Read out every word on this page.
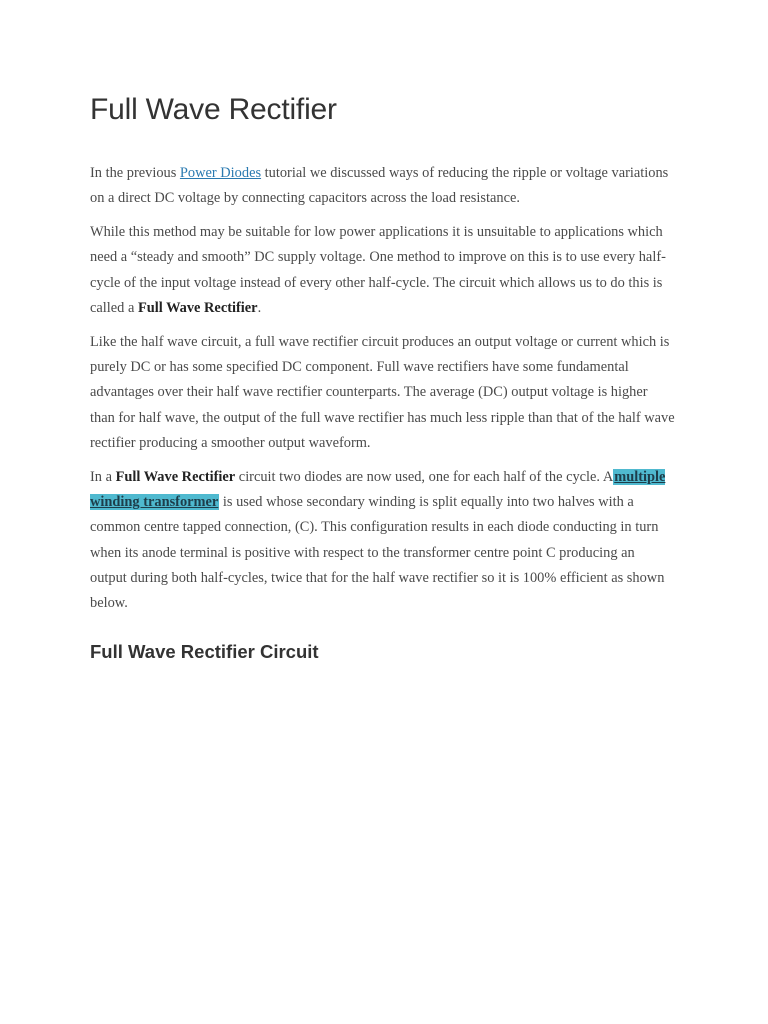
Full Wave Rectifier

In the previous Power Diodes tutorial we discussed ways of reducing the ripple or voltage variations on a direct DC voltage by connecting capacitors across the load resistance.

While this method may be suitable for low power applications it is unsuitable to applications which need a “steady and smooth” DC supply voltage. One method to improve on this is to use every half-cycle of the input voltage instead of every other half-cycle. The circuit which allows us to do this is called a Full Wave Rectifier.

Like the half wave circuit, a full wave rectifier circuit produces an output voltage or current which is purely DC or has some specified DC component. Full wave rectifiers have some fundamental advantages over their half wave rectifier counterparts. The average (DC) output voltage is higher than for half wave, the output of the full wave rectifier has much less ripple than that of the half wave rectifier producing a smoother output waveform.

In a Full Wave Rectifier circuit two diodes are now used, one for each half of the cycle. Amultiple winding transformer is used whose secondary winding is split equally into two halves with a common centre tapped connection, (C). This configuration results in each diode conducting in turn when its anode terminal is positive with respect to the transformer centre point C producing an output during both half-cycles, twice that for the half wave rectifier so it is 100% efficient as shown below.

Full Wave Rectifier Circuit
